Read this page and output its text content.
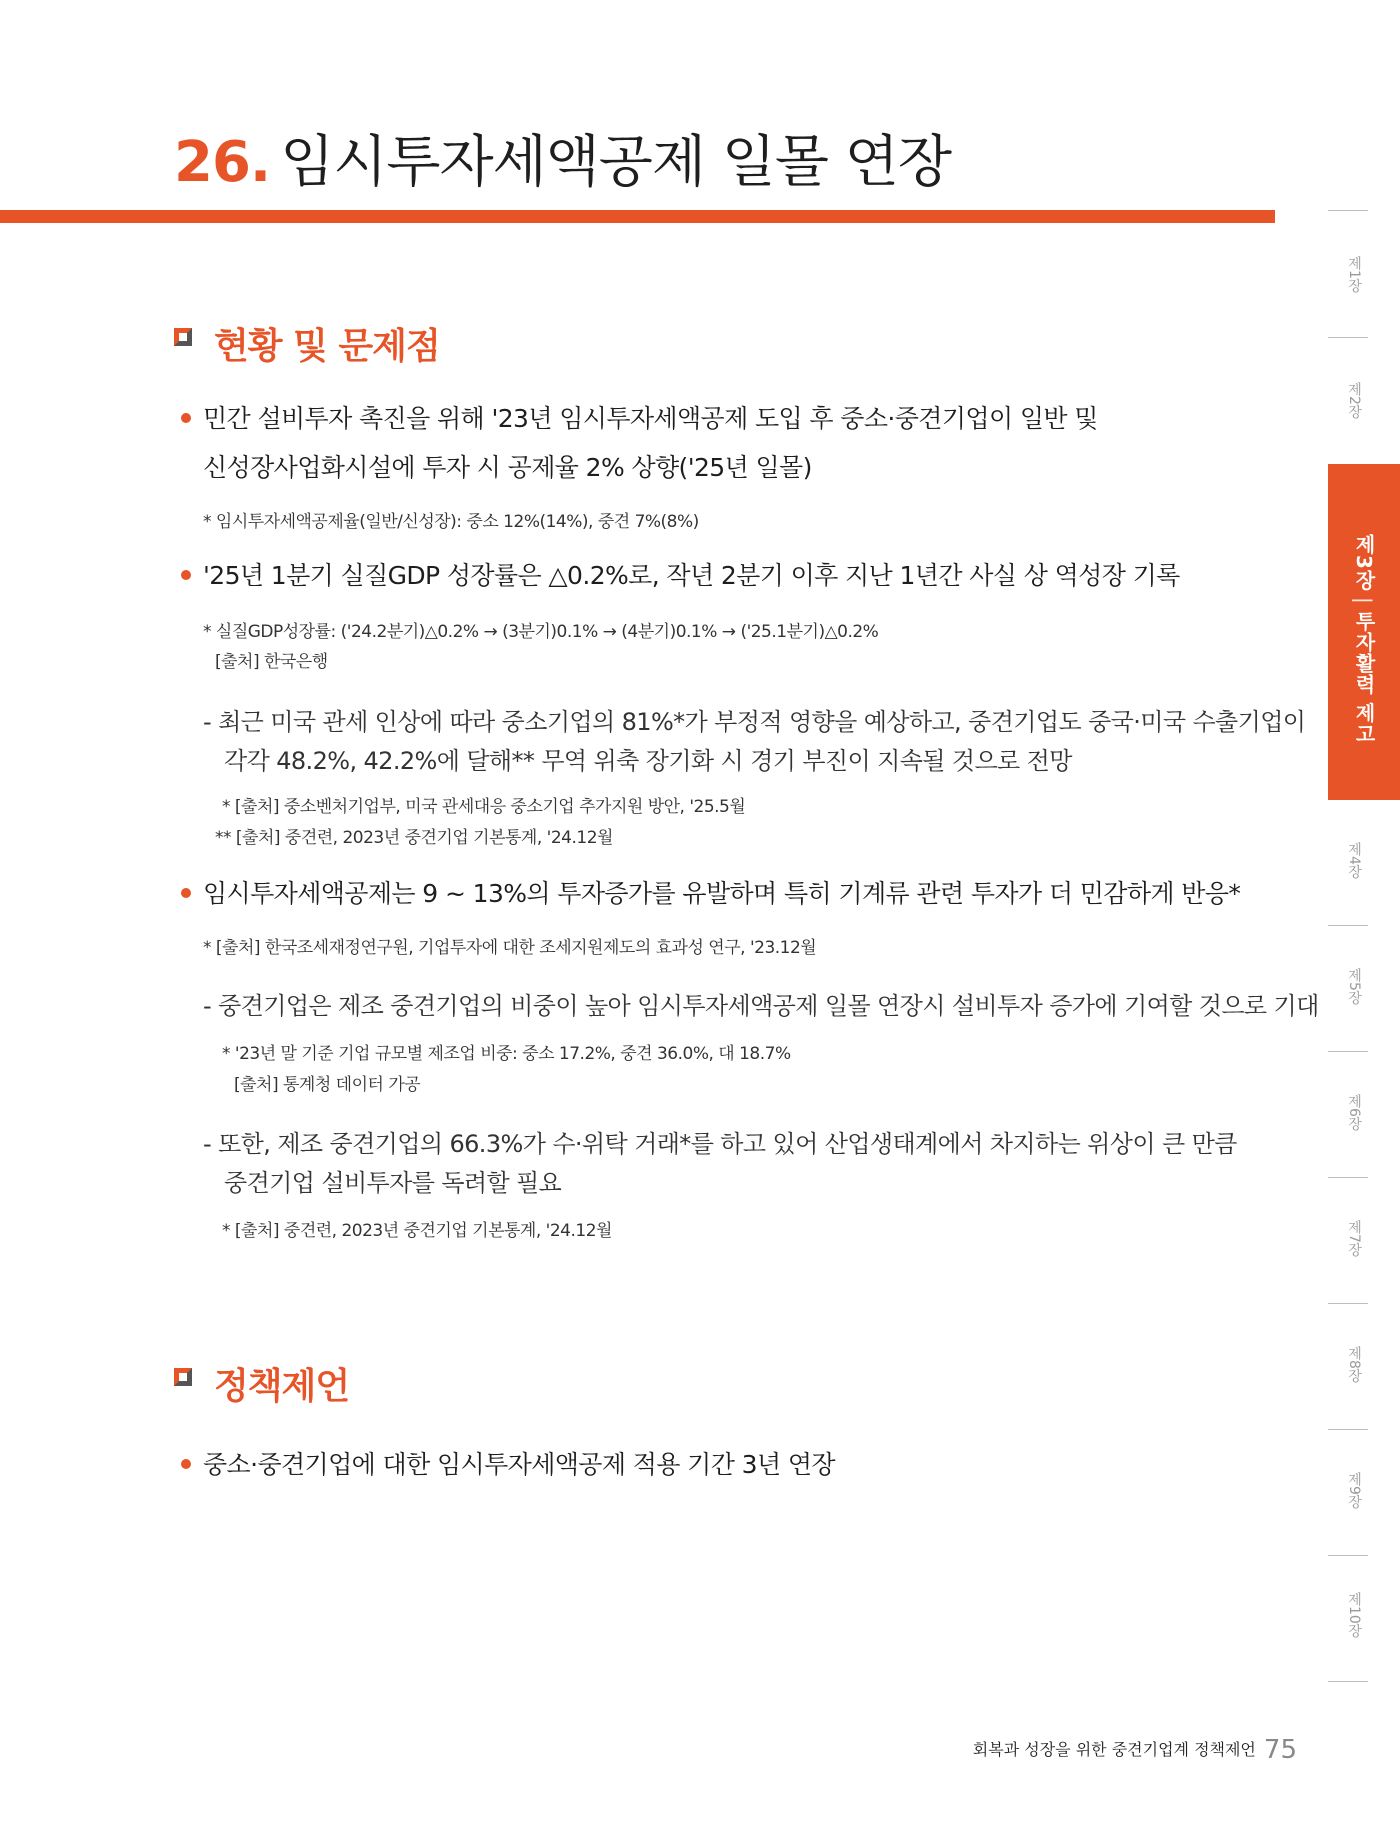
26. 임시투자세액공제 일몰 연장
현황 및 문제점
민간 설비투자 촉진을 위해 '23년 임시투자세액공제 도입 후 중소·중견기업이 일반 및
신성장사업화시설에 투자 시 공제율 2% 상향('25년 일몰)
* 임시투자세액공제율(일반/신성장): 중소 12%(14%), 중견 7%(8%)
'25년 1분기 실질GDP 성장률은 △0.2%로, 작년 2분기 이후 지난 1년간 사실 상 역성장 기록
* 실질GDP성장률: ('24.2분기)△0.2% → (3분기)0.1% → (4분기)0.1% → ('25.1분기)△0.2%
[출처] 한국은행
- 최근 미국 관세 인상에 따라 중소기업의 81%*가 부정적 영향을 예상하고, 중견기업도 중국·미국 수출기업이
각각 48.2%, 42.2%에 달해** 무역 위축 장기화 시 경기 부진이 지속될 것으로 전망
* [출처] 중소벤처기업부, 미국 관세대응 중소기업 추가지원 방안, '25.5월
** [출처] 중견련, 2023년 중견기업 기본통계, '24.12월
임시투자세액공제는 9 ~ 13%의 투자증가를 유발하며 특히 기계류 관련 투자가 더 민감하게 반응*
* [출처] 한국조세재정연구원, 기업투자에 대한 조세지원제도의 효과성 연구, '23.12월
- 중견기업은 제조 중견기업의 비중이 높아 임시투자세액공제 일몰 연장시 설비투자 증가에 기여할 것으로 기대
* '23년 말 기준 기업 규모별 제조업 비중: 중소 17.2%, 중견 36.0%, 대 18.7%
[출처] 통계청 데이터 가공
- 또한, 제조 중견기업의 66.3%가 수·위탁 거래*를 하고 있어 산업생태계에서 차지하는 위상이 큰 만큼
중견기업 설비투자를 독려할 필요
* [출처] 중견련, 2023년 중견기업 기본통계, '24.12월
정책제언
중소·중견기업에 대한 임시투자세액공제 적용 기간 3년 연장
제1장
제2장
제3장|투자활력 제고
제4장
제5장
제6장
제7장
제8장
제9장
제10장
회복과 성장을 위한 중견기업계 정책제언 75
